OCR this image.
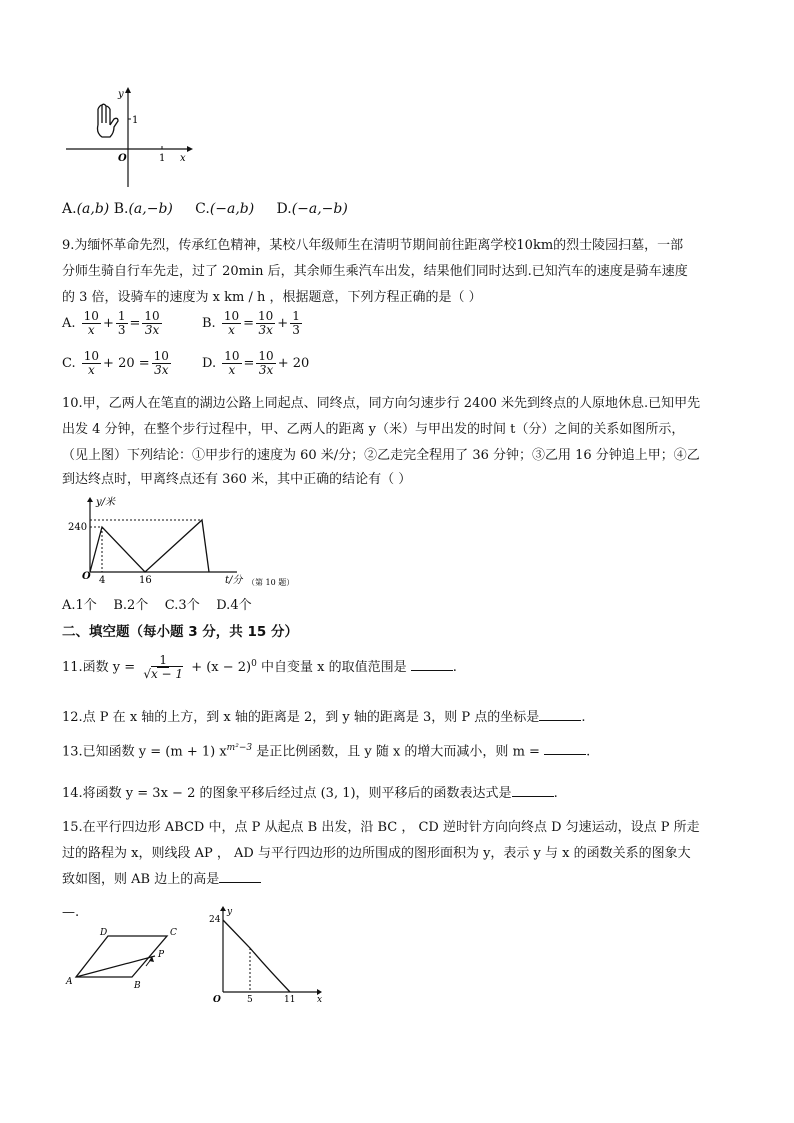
y
x
O	1
1
A.(a,b) B.(a,−b) C.(−a,b) D.(−a,−b)
9.为缅怀革命先烈，传承红色精神，某校八年级师生在清明节期间前往距离学校10km的烈士陵园扫墓，一部
分师生骑自行车先走，过了 20min 后，其余师生乘汽车出发，结果他们同时达到.已知汽车的速度是骑车速度
的 3 倍，设骑车的速度为 x km / h ，根据题意，下列方程正确的是（ ）
A. $\frac{10}{x} + \frac{1}{3} = \frac{10}{3x}$	B. $\frac{10}{x} = \frac{10}{3x} + \frac{1}{3}$
C. $\frac{10}{x} + 20 = \frac{10}{3x} D$. $\frac{10}{x} = \frac{10}{3x} + 20$
10.甲，乙两人在笔直的湖边公路上同起点、同终点，同方向匀速步行 2400 米先到终点的人原地休息.已知甲先
出发 4 分钟，在整个步行过程中，甲、乙两人的距离 y（米）与甲出发的时间 t（分）之间的关系如图所示，
（见上图）下列结论：①甲步行的速度为 60 米/分；②乙走完全程用了 36 分钟；③乙用 16 分钟追上甲；④乙
到达终点时，甲离终点还有 360 米，其中正确的结论有（ ）
y/米
240
O 4	16	t/分 （第 10 题）
A.1个    B.2个    C.3个    D.4个
二、填空题（每小题 3 分，共 15 分）
11.函数 $y = \frac{1}{√x - 1} + (x - 2)^0$ 中自变量 x 的取值范围是	.
12.点 P 在 x 轴的上方，到 x 轴的距离是 2，到 y 轴的距离是 3，则 P 点的坐标是	.
13.已知函数 y = (m + 1) $x^{m^2-3}$ 是正比例函数，且 y 随 x 的增大而减小，则 m =	.
14.将函数 y = 3x − 2 的图象平移后经过点 (3, 1)，则平移后的函数表达式是	.
15.在平行四边形 ABCD 中，点 P 从起点 B 出发，沿 BC ， CD 逆时针方向向终点 D 匀速运动，设点 P 所走
过的路程为 x，则线段 AP ， AD 与平行四边形的边所围成的图形面积为 y，表示 y 与 x 的函数关系的图象大
致如图，则 AB 边上的高是
—.
A	B
C
D
P
y
x
O
24
5	11
